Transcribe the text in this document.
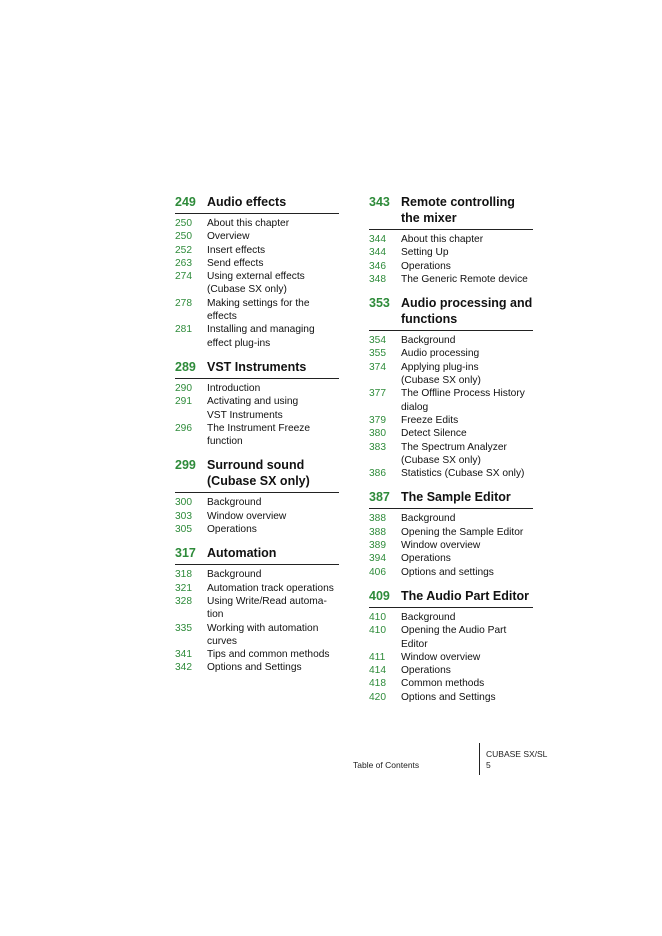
249 Audio effects
250	About this chapter
250	Overview
252	Insert effects
263	Send effects
274	Using external effects
(Cubase SX only)
278	Making settings for the
effects
281	Installing and managing
effect plug-ins
289 VST Instruments
290	Introduction
291	Activating and using
VST Instruments
296	The Instrument Freeze
function
299 Surround sound
(Cubase SX only)
300	Background
303	Window overview
305	Operations
317 Automation
318	Background
321	Automation track operations
328	Using Write/Read automa-
tion
335	Working with automation
curves
341	Tips and common methods
342	Options and Settings
343 Remote controlling
the mixer
344	About this chapter
344	Setting Up
346	Operations
348	The Generic Remote device
353 Audio processing and
functions
354	Background
355	Audio processing
374	Applying plug-ins
(Cubase SX only)
377	The Offline Process History
dialog
379	Freeze Edits
380	Detect Silence
383	The Spectrum Analyzer
(Cubase SX only)
386	Statistics (Cubase SX only)
387 The Sample Editor
388	Background
388	Opening the Sample Editor
389	Window overview
394	Operations
406	Options and settings
409 The Audio Part Editor
410	Background
410	Opening the Audio Part
Editor
411	Window overview
414	Operations
418	Common methods
420	Options and Settings
Table of Contents
CUBASE SX/SL
5
